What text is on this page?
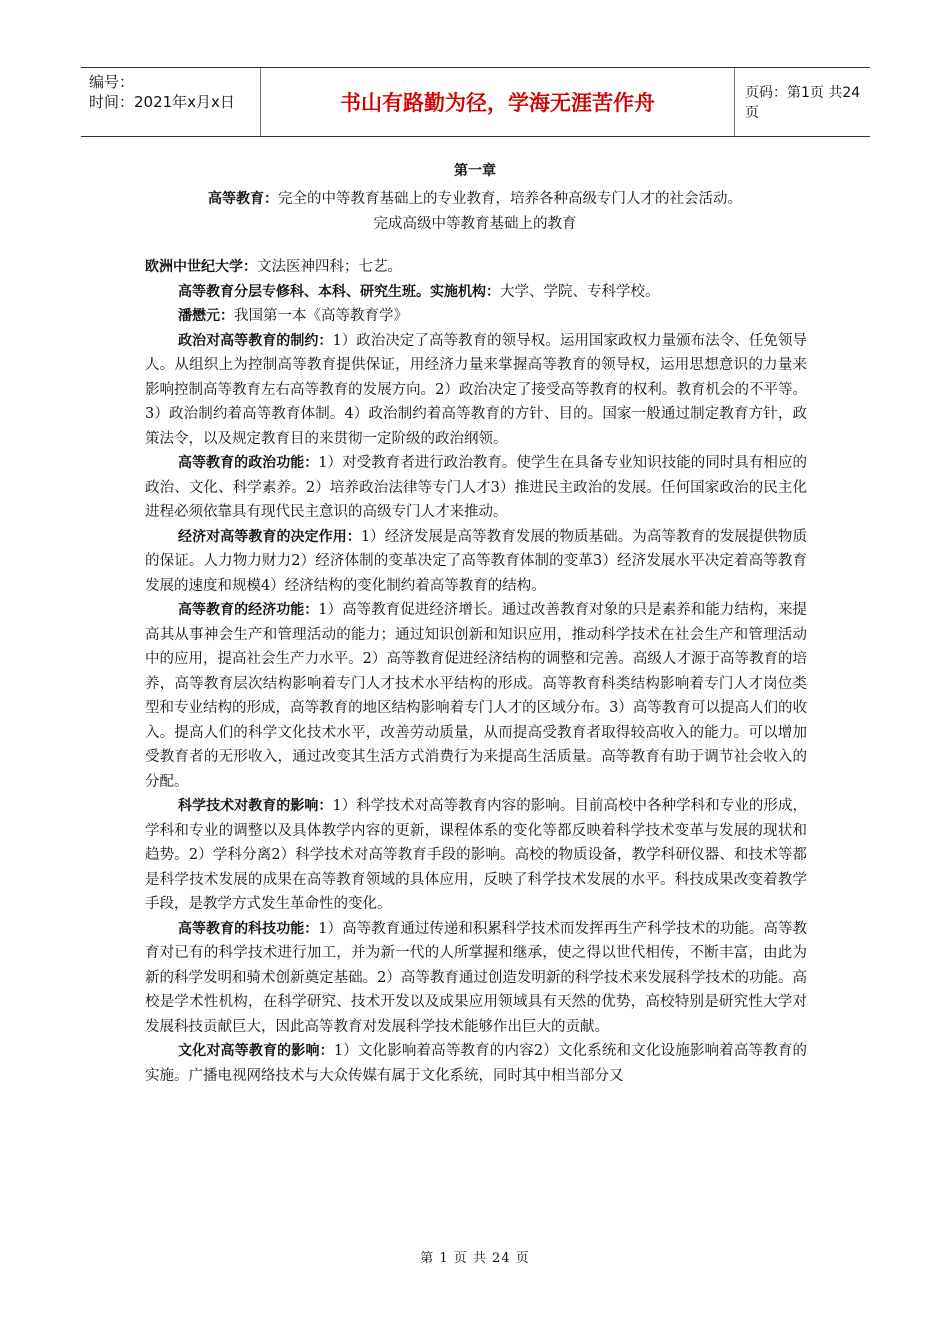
编号：
时间：2021年x月x日	书山有路勤为径，学海无涯苦作舟	页码：第1页 共24页
第一章
高等教育：完全的中等教育基础上的专业教育，培养各种高级专门人才的社会活动。
完成高级中等教育基础上的教育

欧洲中世纪大学：文法医神四科；七艺。

高等教育分层专修科、本科、研究生班。实施机构：大学、学院、专科学校。

潘懋元：我国第一本《高等教育学》

政治对高等教育的制约：1）政治决定了高等教育的领导权。运用国家政权力量颁布法令、任免领导人。从组织上为控制高等教育提供保证，用经济力量来掌握高等教育的领导权，运用思想意识的力量来影响控制高等教育左右高等教育的发展方向。2）政治决定了接受高等教育的权利。教育机会的不平等。3）政治制约着高等教育体制。4）政治制约着高等教育的方针、目的。国家一般通过制定教育方针，政策法令，以及规定教育目的来贯彻一定阶级的政治纲领。

高等教育的政治功能：1）对受教育者进行政治教育。使学生在具备专业知识技能的同时具有相应的政治、文化、科学素养。2）培养政治法律等专门人才3）推进民主政治的发展。任何国家政治的民主化进程必须依靠具有现代民主意识的高级专门人才来推动。

经济对高等教育的决定作用：1）经济发展是高等教育发展的物质基础。为高等教育的发展提供物质的保证。人力物力财力2）经济体制的变革决定了高等教育体制的变革3）经济发展水平决定着高等教育发展的速度和规模4）经济结构的变化制约着高等教育的结构。

高等教育的经济功能：1）高等教育促进经济增长。通过改善教育对象的只是素养和能力结构，来提高其从事神会生产和管理活动的能力；通过知识创新和知识应用，推动科学技术在社会生产和管理活动中的应用，提高社会生产力水平。2）高等教育促进经济结构的调整和完善。高级人才源于高等教育的培养，高等教育层次结构影响着专门人才技术水平结构的形成。高等教育科类结构影响着专门人才岗位类型和专业结构的形成，高等教育的地区结构影响着专门人才的区域分布。3）高等教育可以提高人们的收入。提高人们的科学文化技术水平，改善劳动质量，从而提高受教育者取得较高收入的能力。可以增加受教育者的无形收入，通过改变其生活方式消费行为来提高生活质量。高等教育有助于调节社会收入的分配。

科学技术对教育的影响：1）科学技术对高等教育内容的影响。目前高校中各种学科和专业的形成，学科和专业的调整以及具体教学内容的更新，课程体系的变化等都反映着科学技术变革与发展的现状和趋势。2）学科分离2）科学技术对高等教育手段的影响。高校的物质设备，教学科研仪器、和技术等都是科学技术发展的成果在高等教育领域的具体应用，反映了科学技术发展的水平。科技成果改变着教学手段，是教学方式发生革命性的变化。

高等教育的科技功能：1）高等教育通过传递和积累科学技术而发挥再生产科学技术的功能。高等教育对已有的科学技术进行加工，并为新一代的人所掌握和继承，使之得以世代相传，不断丰富，由此为新的科学发明和骑术创新奠定基础。2）高等教育通过创造发明新的科学技术来发展科学技术的功能。高校是学术性机构，在科学研究、技术开发以及成果应用领域具有天然的优势，高校特别是研究性大学对发展科技贡献巨大，因此高等教育对发展科学技术能够作出巨大的贡献。

文化对高等教育的影响：1）文化影响着高等教育的内容2）文化系统和文化设施影响着高等教育的实施。广播电视网络技术与大众传媒有属于文化系统，同时其中相当部分又

第 1 页 共 24 页
